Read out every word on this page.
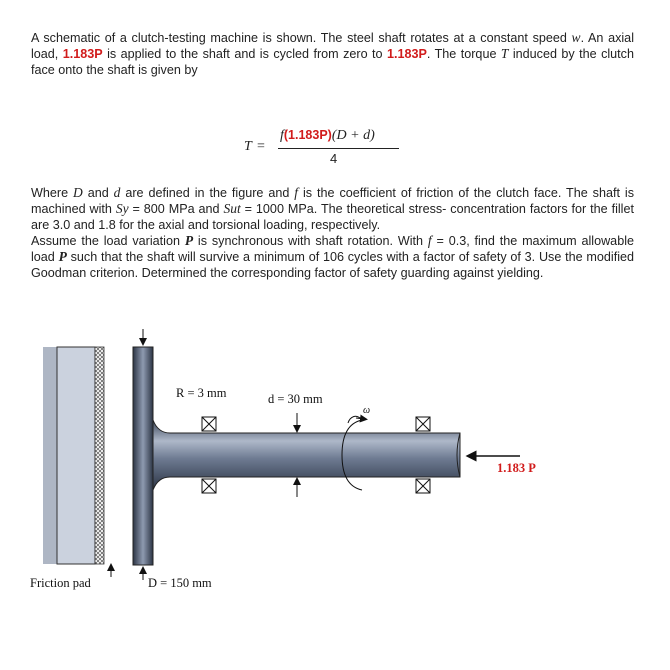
A schematic of a clutch-testing machine is shown. The steel shaft rotates at a constant speed w. An axial load, 1.183P is applied to the shaft and is cycled from zero to 1.183P. The torque T induced by the clutch face onto the shaft is given by
T =
f(1.183P)(D + d)
4
Where D and d are defined in the figure and f is the coefficient of friction of the clutch face. The shaft is machined with Sy = 800 MPa and Sut = 1000 MPa. The theoretical stress- concentration factors for the fillet are 3.0 and 1.8 for the axial and torsional loading, respectively.
Assume the load variation P is synchronous with shaft rotation. With f = 0.3, find the maximum allowable load P such that the shaft will survive a minimum of 106 cycles with a factor of safety of 3. Use the modified Goodman criterion. Determined the corresponding factor of safety guarding against yielding.
R = 3 mm	d = 30 mm
ω
1.183 P
Friction pad	D = 150 mm
